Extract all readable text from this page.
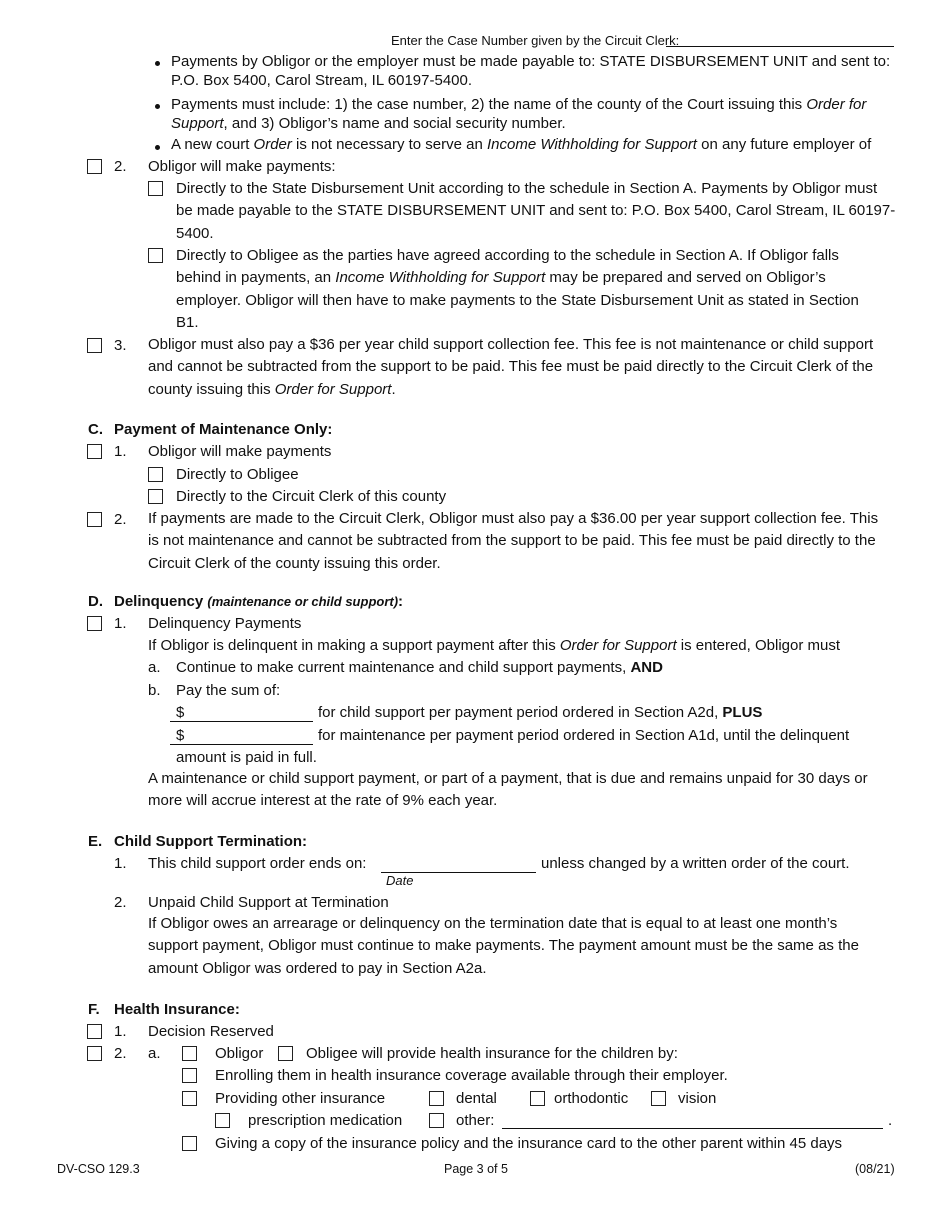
Enter the Case Number given by the Circuit Clerk:
Payments by Obligor or the employer must be made payable to: STATE DISBURSEMENT UNIT and sent to: P.O. Box 5400, Carol Stream, IL 60197-5400.
Payments must include: 1) the case number, 2) the name of the county of the Court issuing this Order for Support, and 3) Obligor’s name and social security number.
A new court Order is not necessary to serve an Income Withholding for Support on any future employer of
2. Obligor will make payments:
Directly to the State Disbursement Unit according to the schedule in Section A. Payments by Obligor must be made payable to the STATE DISBURSEMENT UNIT and sent to: P.O. Box 5400, Carol Stream, IL 60197-5400.
Directly to Obligee as the parties have agreed according to the schedule in Section A. If Obligor falls behind in payments, an Income Withholding for Support may be prepared and served on Obligor’s employer. Obligor will then have to make payments to the State Disbursement Unit as stated in Section B1.
3. Obligor must also pay a $36 per year child support collection fee. This fee is not maintenance or child support and cannot be subtracted from the support to be paid. This fee must be paid directly to the Circuit Clerk of the county issuing this Order for Support.
C. Payment of Maintenance Only:
1. Obligor will make payments
Directly to Obligee
Directly to the Circuit Clerk of this county
2. If payments are made to the Circuit Clerk, Obligor must also pay a $36.00 per year support collection fee. This is not maintenance and cannot be subtracted from the support to be paid. This fee must be paid directly to the Circuit Clerk of the county issuing this order.
D. Delinquency (maintenance or child support):
1. Delinquency Payments
If Obligor is delinquent in making a support payment after this Order for Support is entered, Obligor must
a. Continue to make current maintenance and child support payments, AND
b. Pay the sum of:
$	for child support per payment period ordered in Section A2d, PLUS
$	for maintenance per payment period ordered in Section A1d, until the delinquent
amount is paid in full.
A maintenance or child support payment, or part of a payment, that is due and remains unpaid for 30 days or more will accrue interest at the rate of 9% each year.
E. Child Support Termination:
1. This child support order ends on:	unless changed by a written order of the court.
Date
2. Unpaid Child Support at Termination
If Obligor owes an arrearage or delinquency on the termination date that is equal to at least one month’s support payment, Obligor must continue to make payments. The payment amount must be the same as the amount Obligor was ordered to pay in Section A2a.
F. Health Insurance:
1. Decision Reserved
2. a.	Obligor	Obligee will provide health insurance for the children by:
Enrolling them in health insurance coverage available through their employer.
Providing other insurance	dental	orthodontic	vision
prescription medication	other:	.
Giving a copy of the insurance policy and the insurance card to the other parent within 45 days
DV-CSO 129.3	Page 3 of 5	(08/21)
